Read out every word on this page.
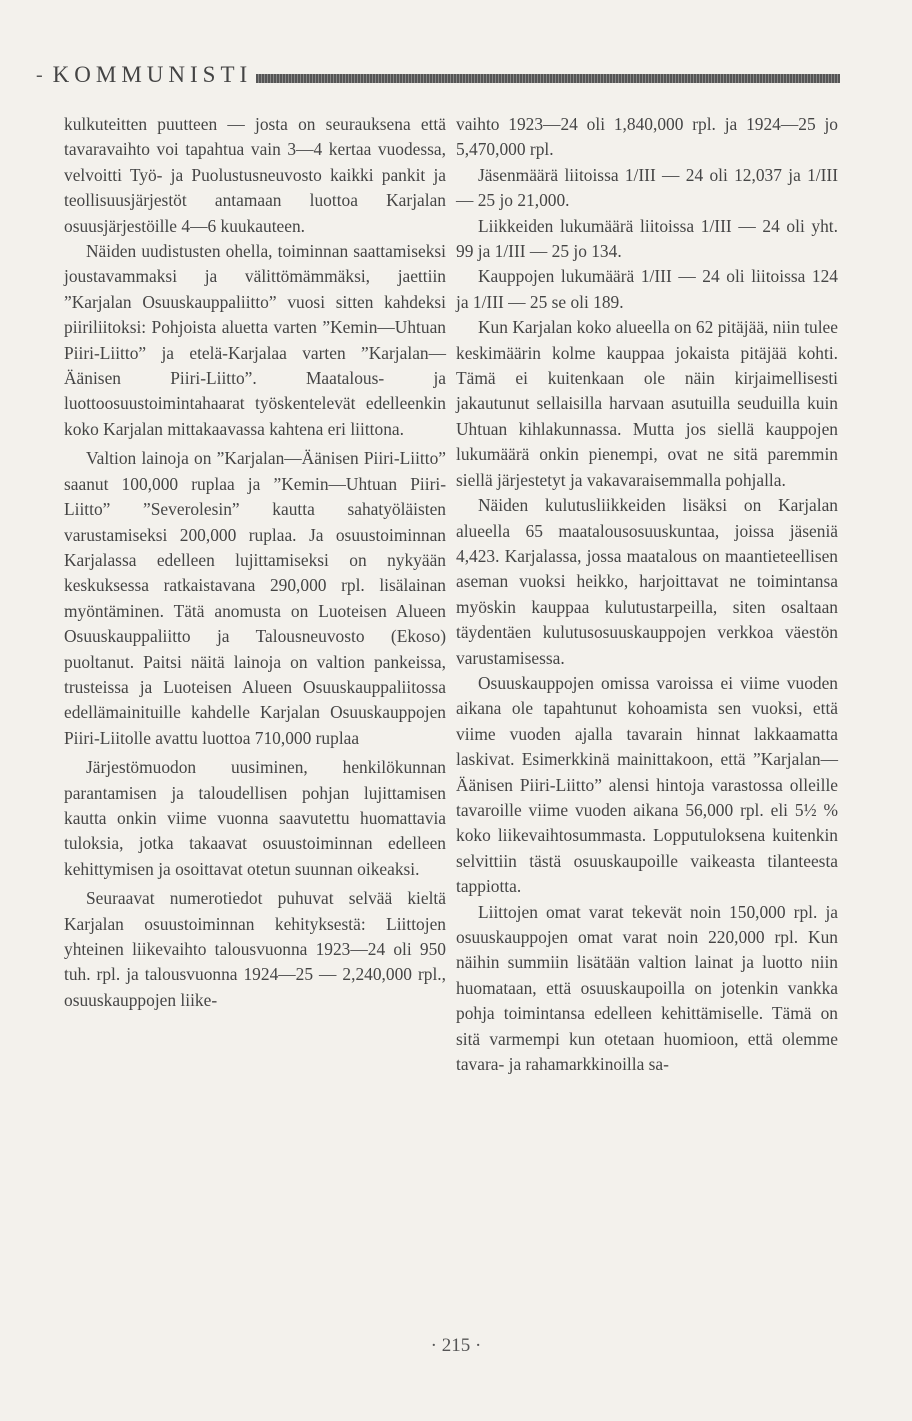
- KOMMUNISTI

kulkuteitten puutteen — josta on seurauksena että tavaravaihto voi tapahtua vain 3—4 kertaa vuodessa, velvoitti Työ- ja Puolustusneuvosto kaikki pankit ja teollisuusjärjestöt antamaan luottoa Karjalan osuusjärjestöille 4—6 kuukauteen.

Näiden uudistusten ohella, toiminnan saattamiseksi joustavammaksi ja välittömämmäksi, jaettiin ”Karjalan Osuuskauppaliitto” vuosi sitten kahdeksi piiriliitoksi: Pohjoista aluetta varten ”Kemin—Uhtuan Piiri-Liitto” ja etelä-Karjalaa varten ”Karjalan—Äänisen Piiri-Liitto”. Maatalous- ja luottoosuustoimintahaarat työskentelevät edelleenkin koko Karjalan mittakaavassa kahtena eri liittona.

Valtion lainoja on ”Karjalan—Äänisen Piiri-Liitto” saanut 100,000 ruplaa ja ”Kemin—Uhtuan Piiri-Liitto” ”Severolesin” kautta sahatyöläisten varustamiseksi 200,000 ruplaa. Ja osuustoiminnan Karjalassa edelleen lujittamiseksi on nykyään keskuksessa ratkaistavana 290,000 rpl. lisälainan myöntäminen. Tätä anomusta on Luoteisen Alueen Osuuskauppaliitto ja Talousneuvosto (Ekoso) puoltanut. Paitsi näitä lainoja on valtion pankeissa, trusteissa ja Luoteisen Alueen Osuuskauppaliitossa edellämainituille kahdelle Karjalan Osuuskauppojen Piiri-Liitolle avattu luottoa 710,000 ruplaa

Järjestömuodon uusiminen, henkilökunnan parantamisen ja taloudellisen pohjan lujittamisen kautta onkin viime vuonna saavutettu huomattavia tuloksia, jotka takaavat osuustoiminnan edelleen kehittymisen ja osoittavat otetun suunnan oikeaksi.

Seuraavat numerotiedot puhuvat selvää kieltä Karjalan osuustoiminnan kehityksestä: Liittojen yhteinen liikevaihto talousvuonna 1923—24 oli 950 tuh. rpl. ja talousvuonna 1924—25 — 2,240,000 rpl., osuuskauppojen liike-

vaihto 1923—24 oli 1,840,000 rpl. ja 1924—25 jo 5,470,000 rpl.

Jäsenmäärä liitoissa 1/III — 24 oli 12,037 ja 1/III — 25 jo 21,000.

Liikkeiden lukumäärä liitoissa 1/III — 24 oli yht. 99 ja 1/III — 25 jo 134.

Kauppojen lukumäärä 1/III — 24 oli liitoissa 124 ja 1/III — 25 se oli 189.

Kun Karjalan koko alueella on 62 pitäjää, niin tulee keskimäärin kolme kauppaa jokaista pitäjää kohti. Tämä ei kuitenkaan ole näin kirjaimellisesti jakautunut sellaisilla harvaan asutuilla seuduilla kuin Uhtuan kihlakunnassa. Mutta jos siellä kauppojen lukumäärä onkin pienempi, ovat ne sitä paremmin siellä järjestetyt ja vakavaraisemmalla pohjalla.

Näiden kulutusliikkeiden lisäksi on Karjalan alueella 65 maatalousosuuskuntaa, joissa jäseniä 4,423. Karjalassa, jossa maatalous on maantieteellisen aseman vuoksi heikko, harjoittavat ne toimintansa myöskin kauppaa kulutustarpeilla, siten osaltaan täydentäen kulutusosuuskauppojen verkkoa väestön varustamisessa.

Osuuskauppojen omissa varoissa ei viime vuoden aikana ole tapahtunut kohoamista sen vuoksi, että viime vuoden ajalla tavarain hinnat lakkaamatta laskivat. Esimerkkinä mainittakoon, että ”Karjalan—Äänisen Piiri-Liitto” alensi hintoja varastossa olleille tavaroille viime vuoden aikana 56,000 rpl. eli 5½ % koko liikevaihtosummasta. Lopputuloksena kuitenkin selvittiin tästä osuuskaupoille vaikeasta tilanteesta tappiotta.

Liittojen omat varat tekevät noin 150,000 rpl. ja osuuskauppojen omat varat noin 220,000 rpl. Kun näihin summiin lisätään valtion lainat ja luotto niin huomataan, että osuuskaupoilla on jotenkin vankka pohja toimintansa edelleen kehittämiselle. Tämä on sitä varmempi kun otetaan huomioon, että olemme tavara- ja rahamarkkinoilla sa-

· 215 ·
